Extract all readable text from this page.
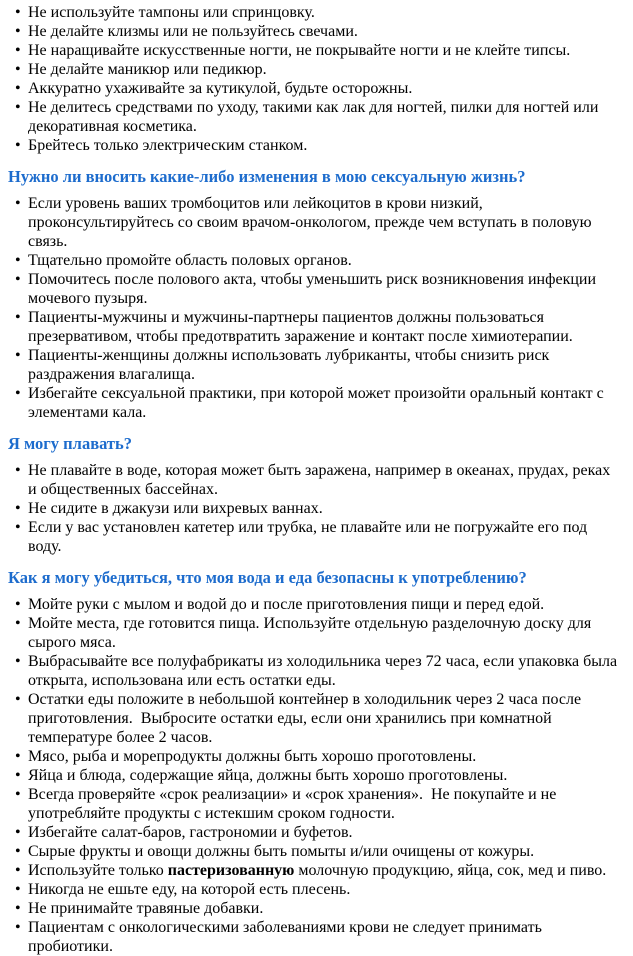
• Не используйте тампоны или спринцовку.
• Не делайте клизмы или не пользуйтесь свечами.
• Не наращивайте искусственные ногти, не покрывайте ногти и не клейте типсы.
• Не делайте маникюр или педикюр.
• Аккуратно ухаживайте за кутикулой, будьте осторожны.
• Не делитесь средствами по уходу, такими как лак для ногтей, пилки для ногтей или декоративная косметика.
• Брейтесь только электрическим станком.
Нужно ли вносить какие-либо изменения в мою сексуальную жизнь?
• Если уровень ваших тромбоцитов или лейкоцитов в крови низкий, проконсультируйтесь со своим врачом-онкологом, прежде чем вступать в половую связь.
• Тщательно промойте область половых органов.
• Помочитесь после полового акта, чтобы уменьшить риск возникновения инфекции мочевого пузыря.
• Пациенты-мужчины и мужчины-партнеры пациентов должны пользоваться презервативом, чтобы предотвратить заражение и контакт после химиотерапии.
• Пациенты-женщины должны использовать лубриканты, чтобы снизить риск раздражения влагалища.
• Избегайте сексуальной практики, при которой может произойти оральный контакт с элементами кала.
Я могу плавать?
• Не плавайте в воде, которая может быть заражена, например в океанах, прудах, реках и общественных бассейнах.
• Не сидите в джакузи или вихревых ваннах.
• Если у вас установлен катетер или трубка, не плавайте или не погружайте его под воду.
Как я могу убедиться, что моя вода и еда безопасны к употреблению?
• Мойте руки с мылом и водой до и после приготовления пищи и перед едой.
• Мойте места, где готовится пища. Используйте отдельную разделочную доску для сырого мяса.
• Выбрасывайте все полуфабрикаты из холодильника через 72 часа, если упаковка была открыта, использована или есть остатки еды.
• Остатки еды положите в небольшой контейнер в холодильник через 2 часа после приготовления.  Выбросите остатки еды, если они хранились при комнатной температуре более 2 часов.
• Мясо, рыба и морепродукты должны быть хорошо проготовлены.
• Яйца и блюда, содержащие яйца, должны быть хорошо проготовлены.
• Всегда проверяйте «срок реализации» и «срок хранения».  Не покупайте и не употребляйте продукты с истекшим сроком годности.
• Избегайте салат-баров, гастрономии и буфетов.
• Сырые фрукты и овощи должны быть помыты и/или очищены от кожуры.
• Используйте только пастеризованную молочную продукцию, яйца, сок, мед и пиво.
• Никогда не ешьте еду, на которой есть плесень.
• Не принимайте травяные добавки.
• Пациентам с онкологическими заболеваниями крови не следует принимать пробиотики.
